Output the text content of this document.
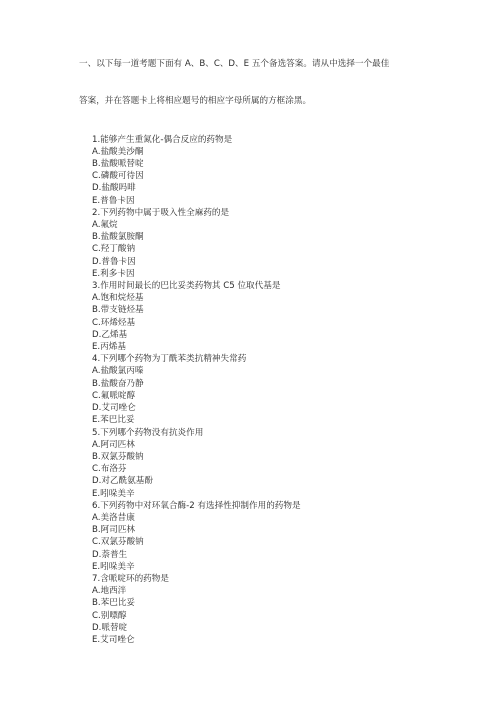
一、以下每一道考题下面有 A、B、C、D、E 五个备选答案。请从中选择一个最佳

答案，并在答题卡上将相应题号的相应字母所属的方框涂黑。

1.能够产生重氮化-偶合反应的药物是
A.盐酸美沙酮
B.盐酸哌替啶
C.磷酸可待因
D.盐酸吗啡
E.普鲁卡因
2.下列药物中属于吸入性全麻药的是
A.氟烷
B.盐酸氯胺酮
C.羟丁酸钠
D.普鲁卡因
E.利多卡因
3.作用时间最长的巴比妥类药物其 C5 位取代基是
A.饱和烷烃基
B.带支链烃基
C.环烯烃基
D.乙烯基
E.丙烯基
4.下列哪个药物为丁酰苯类抗精神失常药
A.盐酸氯丙嗪
B.盐酸奋乃静
C.氟哌啶醇
D.艾司唑仑
E.苯巴比妥
5.下列哪个药物没有抗炎作用
A.阿司匹林
B.双氯芬酸钠
C.布洛芬
D.对乙酰氨基酚
E.吲哚美辛
6.下列药物中对环氧合酶-2 有选择性抑制作用的药物是
A.美洛昔康
B.阿司匹林
C.双氯芬酸钠
D.萘普生
E.吲哚美辛
7.含哌啶环的药物是
A.地西泮
B.苯巴比妥
C.别嘌醇
D.哌替啶
E.艾司唑仑
